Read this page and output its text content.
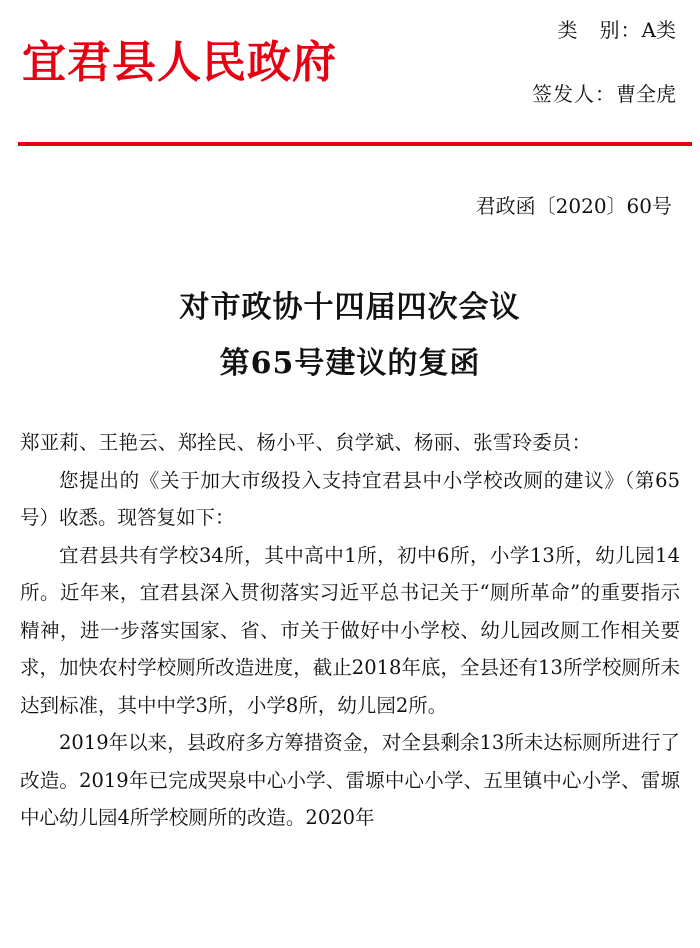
宜君县人民政府
类　别：A类
签发人：曹全虎
君政函〔2020〕60号
对市政协十四届四次会议
第65号建议的复函

郑亚莉、王艳云、郑拴民、杨小平、贠学斌、杨丽、张雪玲委员：

您提出的《关于加大市级投入支持宜君县中小学校改厕的建议》（第65号）收悉。现答复如下：

宜君县共有学校34所，其中高中1所，初中6所，小学13所，幼儿园14所。近年来，宜君县深入贯彻落实习近平总书记关于“厕所革命”的重要指示精神，进一步落实国家、省、市关于做好中小学校、幼儿园改厕工作相关要求，加快农村学校厕所改造进度，截止2018年底，全县还有13所学校厕所未达到标准，其中中学3所，小学8所，幼儿园2所。

2019年以来，县政府多方筹措资金，对全县剩余13所未达标厕所进行了改造。2019年已完成哭泉中心小学、雷塬中心小学、五里镇中心小学、雷塬中心幼儿园4所学校厕所的改造。2020年
